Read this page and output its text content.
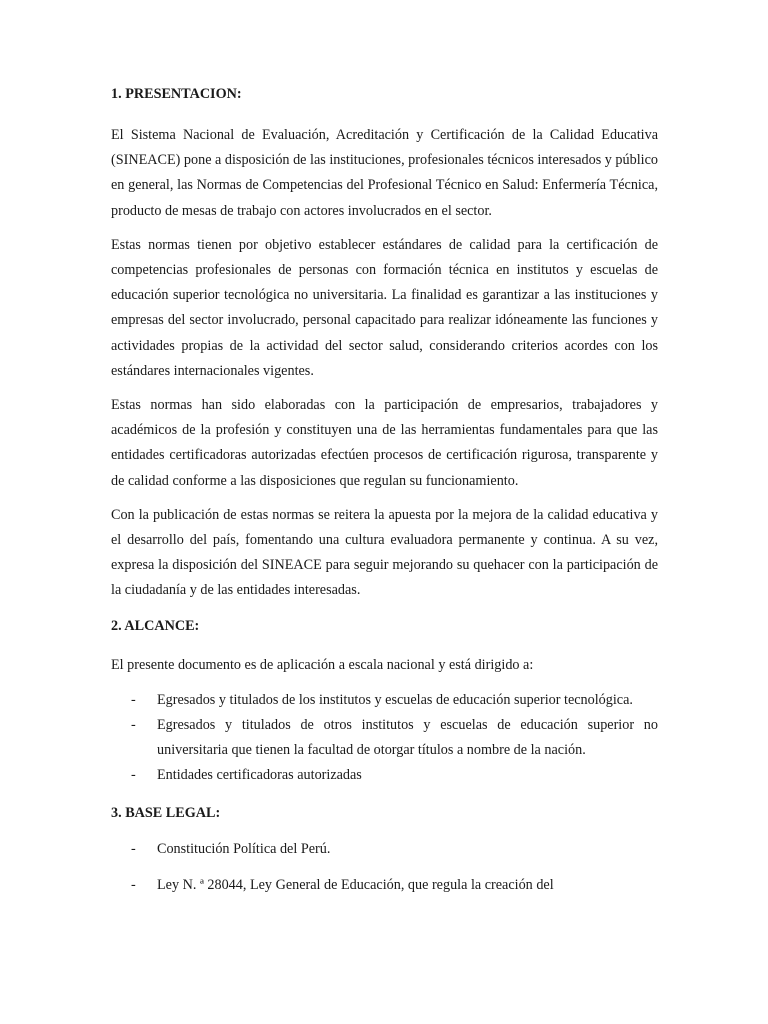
1. PRESENTACION:

El Sistema Nacional de Evaluación, Acreditación y Certificación de la Calidad Educativa (SINEACE) pone a disposición de las instituciones, profesionales técnicos interesados y público en general, las Normas de Competencias del Profesional Técnico en Salud: Enfermería Técnica, producto de mesas de trabajo con actores involucrados en el sector.

Estas normas tienen por objetivo establecer estándares de calidad para la certificación de competencias profesionales de personas con formación técnica en institutos y escuelas de educación superior tecnológica no universitaria. La finalidad es garantizar a las instituciones y empresas del sector involucrado, personal capacitado para realizar idóneamente las funciones y actividades propias de la actividad del sector salud, considerando criterios acordes con los estándares internacionales vigentes.

Estas normas han sido elaboradas con la participación de empresarios, trabajadores y académicos de la profesión y constituyen una de las herramientas fundamentales para que las entidades certificadoras autorizadas efectúen procesos de certificación rigurosa, transparente y de calidad conforme a las disposiciones que regulan su funcionamiento.

Con la publicación de estas normas se reitera la apuesta por la mejora de la calidad educativa y el desarrollo del país, fomentando una cultura evaluadora permanente y continua. A su vez, expresa la disposición del SINEACE para seguir mejorando su quehacer con la participación de la ciudadanía y de las entidades interesadas.

2. ALCANCE:

El presente documento es de aplicación a escala nacional y está dirigido a:

- Egresados y titulados de los institutos y escuelas de educación superior tecnológica.
- Egresados y titulados de otros institutos y escuelas de educación superior no universitaria que tienen la facultad de otorgar títulos a nombre de la nación.
- Entidades certificadoras autorizadas
3. BASE LEGAL:
- Constitución Política del Perú.
- Ley N. ª 28044, Ley General de Educación, que regula la creación del
